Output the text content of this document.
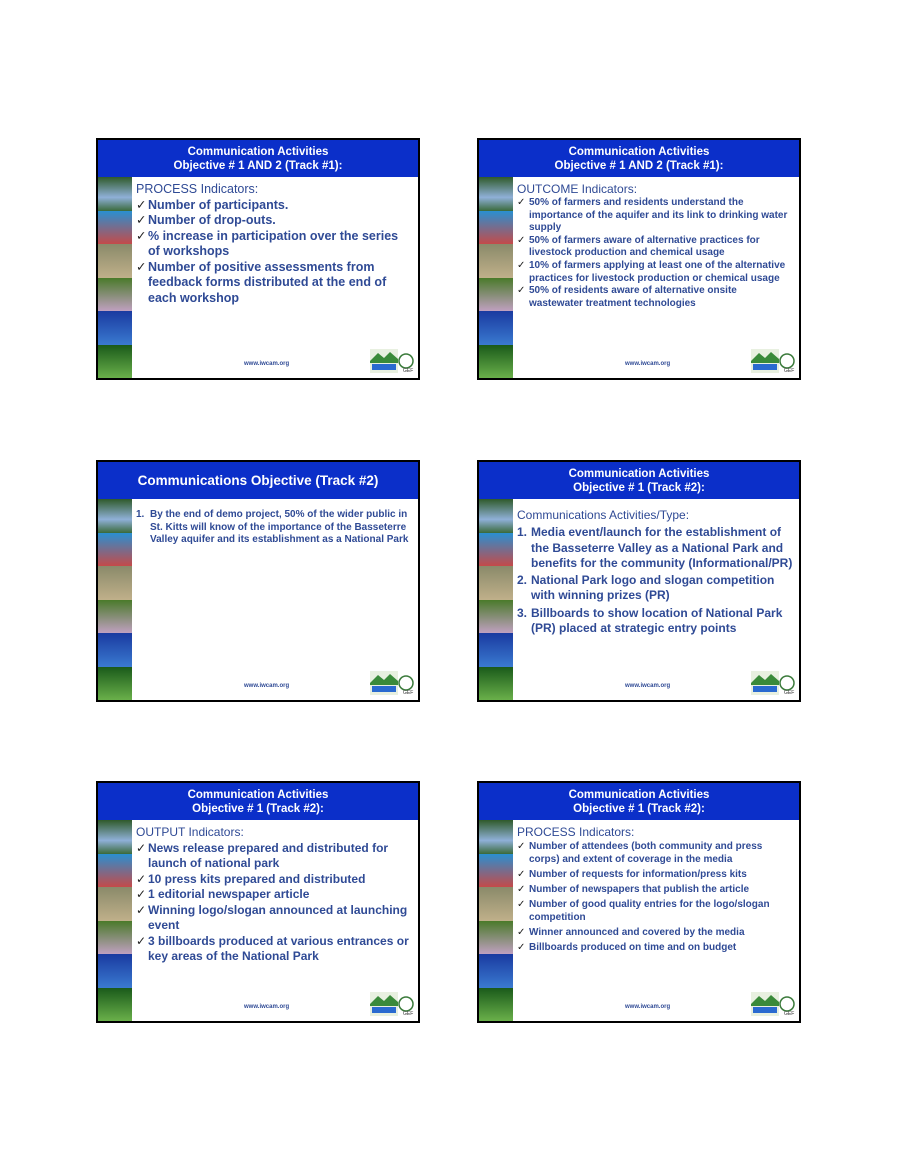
Communication Activities
Objective # 1 AND 2 (Track #1):
PROCESS Indicators:
✓ Number of participants.
✓ Number of drop-outs.
✓ % increase in participation over the series of workshops
✓ Number of positive assessments from feedback forms distributed at the end of each workshop
www.iwcam.org
GEF
Communication Activities
Objective # 1 AND 2 (Track #1):
OUTCOME Indicators:
✓ 50% of farmers and residents understand the importance of the aquifer and its link to drinking water supply
✓ 50% of farmers aware of alternative practices for livestock production and chemical usage
✓ 10% of farmers applying at least one of the alternative practices for livestock production or chemical usage
✓ 50% of residents aware of alternative onsite wastewater treatment technologies
www.iwcam.org
GEF
Communications Objective (Track #2)
1. By the end of demo project, 50% of the wider public in St. Kitts will know of the importance of the Basseterre Valley aquifer and its establishment as a National Park
www.iwcam.org
GEF
Communication Activities
Objective # 1 (Track #2):
Communications Activities/Type:
1. Media event/launch for the establishment of the Basseterre Valley as a National Park and benefits for the community (Informational/PR)
2. National Park logo and slogan competition with winning prizes (PR)
3. Billboards to show location of National Park (PR) placed at strategic entry points
www.iwcam.org
GEF
Communication Activities
Objective # 1 (Track #2):
OUTPUT Indicators:
✓ News release prepared and distributed for launch of national park
✓ 10 press kits prepared and distributed
✓ 1 editorial newspaper article
✓ Winning logo/slogan announced at launching event
✓ 3 billboards produced at various entrances or key areas of the National Park
www.iwcam.org
GEF
Communication Activities
Objective # 1 (Track #2):
PROCESS Indicators:
✓ Number of attendees (both community and press corps) and extent of coverage in the media
✓ Number of requests for information/press kits
✓ Number of newspapers that publish the article
✓ Number of good quality entries for the logo/slogan competition
✓ Winner announced and covered by the media
✓ Billboards produced on time and on budget
www.iwcam.org
GEF
